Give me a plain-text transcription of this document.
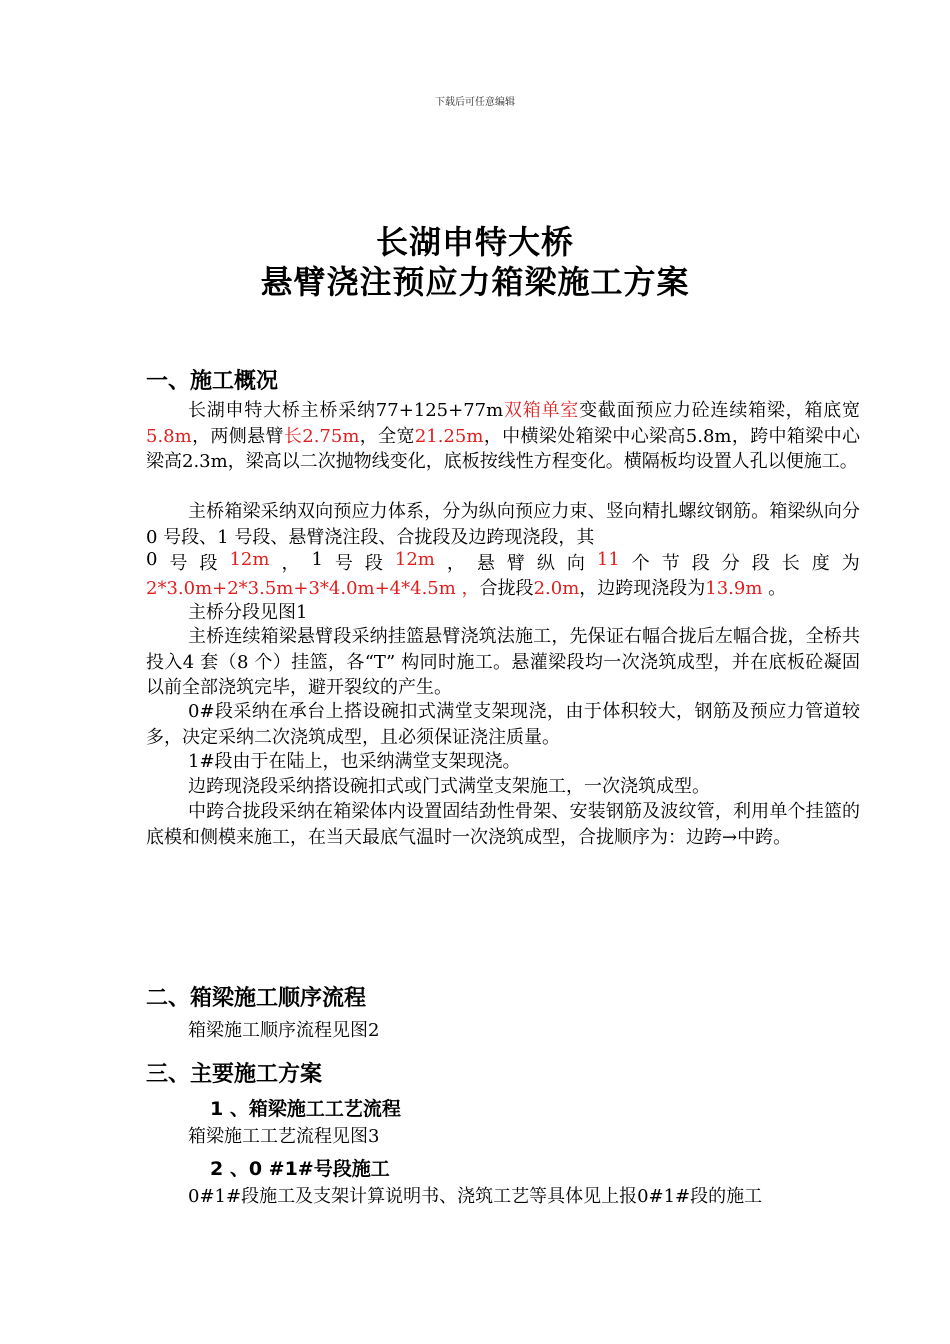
下载后可任意编辑
长湖申特大桥
悬臂浇注预应力箱梁施工方案
一、施工概况

长湖申特大桥主桥采纳77+125+77m双箱单室变截面预应力砼连续箱梁，箱底宽5.8m，两侧悬臂长2.75m，全宽21.25m，中横梁处箱梁中心梁高5.8m，跨中箱梁中心梁高2.3m，梁高以二次抛物线变化，底板按线性方程变化。横隔板均设置人孔以便施工。

主桥箱梁采纳双向预应力体系，分为纵向预应力束、竖向精扎螺纹钢筋。箱梁纵向分0 号段、1 号段、悬臂浇注段、合拢段及边跨现浇段，其

0 号 段 12m ， 1 号 段 12m ， 悬 臂 纵 向 11 个 节 段 分 段 长 度 为
2*3.0m+2*3.5m+3*4.0m+4*4.5m ，合拢段2.0m，边跨现浇段为13.9m 。

主桥分段见图1

主桥连续箱梁悬臂段采纳挂篮悬臂浇筑法施工，先保证右幅合拢后左幅合拢，全桥共投入4 套（8 个）挂篮，各“T” 构同时施工。悬灌梁段均一次浇筑成型，并在底板砼凝固以前全部浇筑完毕，避开裂纹的产生。

0#段采纳在承台上搭设碗扣式满堂支架现浇，由于体积较大，钢筋及预应力管道较多，决定采纳二次浇筑成型，且必须保证浇注质量。

1#段由于在陆上，也采纳满堂支架现浇。

边跨现浇段采纳搭设碗扣式或门式满堂支架施工，一次浇筑成型。

中跨合拢段采纳在箱梁体内设置固结劲性骨架、安装钢筋及波纹管，利用单个挂篮的底模和侧模来施工，在当天最底气温时一次浇筑成型，合拢顺序为：边跨→中跨。

二、箱梁施工顺序流程

箱梁施工顺序流程见图2

三、主要施工方案
1 、箱梁施工工艺流程

箱梁施工工艺流程见图3

2 、0 #1#号段施工

0#1#段施工及支架计算说明书、浇筑工艺等具体见上报0#1#段的施工
